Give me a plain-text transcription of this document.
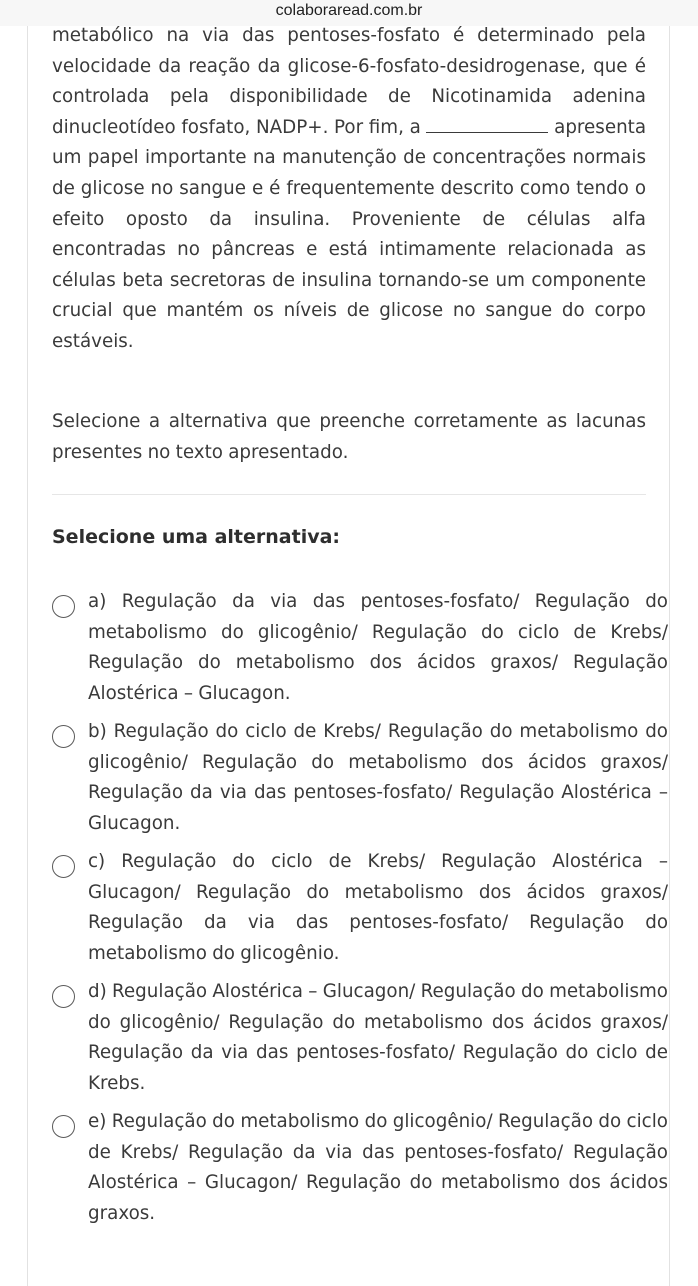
colaboraread.com.br

metabólico na via das pentoses-fosfato é determinado pela velocidade da reação da glicose-6-fosfato-desidrogenase, que é controlada pela disponibilidade de Nicotinamida adenina dinucleotídeo fosfato, NADP+. Por fim, a	apresenta um papel importante na manutenção de concentrações normais de glicose no sangue e é frequentemente descrito como tendo o efeito oposto da insulina. Proveniente de células alfa encontradas no pâncreas e está intimamente relacionada as células beta secretoras de insulina tornando-se um componente crucial que mantém os níveis de glicose no sangue do corpo estáveis.

Selecione a alternativa que preenche corretamente as lacunas presentes no texto apresentado.

Selecione uma alternativa:

a) Regulação da via das pentoses-fosfato/ Regulação do metabolismo do glicogênio/ Regulação do ciclo de Krebs/ Regulação do metabolismo dos ácidos graxos/ Regulação Alostérica – Glucagon.
b) Regulação do ciclo de Krebs/ Regulação do metabolismo do glicogênio/ Regulação do metabolismo dos ácidos graxos/ Regulação da via das pentoses-fosfato/ Regulação Alostérica – Glucagon.
c) Regulação do ciclo de Krebs/ Regulação Alostérica – Glucagon/ Regulação do metabolismo dos ácidos graxos/ Regulação da via das pentoses-fosfato/ Regulação do metabolismo do glicogênio.
d) Regulação Alostérica – Glucagon/ Regulação do metabolismo do glicogênio/ Regulação do metabolismo dos ácidos graxos/ Regulação da via das pentoses-fosfato/ Regulação do ciclo de Krebs.
e) Regulação do metabolismo do glicogênio/ Regulação do ciclo de Krebs/ Regulação da via das pentoses-fosfato/ Regulação Alostérica – Glucagon/ Regulação do metabolismo dos ácidos graxos.
